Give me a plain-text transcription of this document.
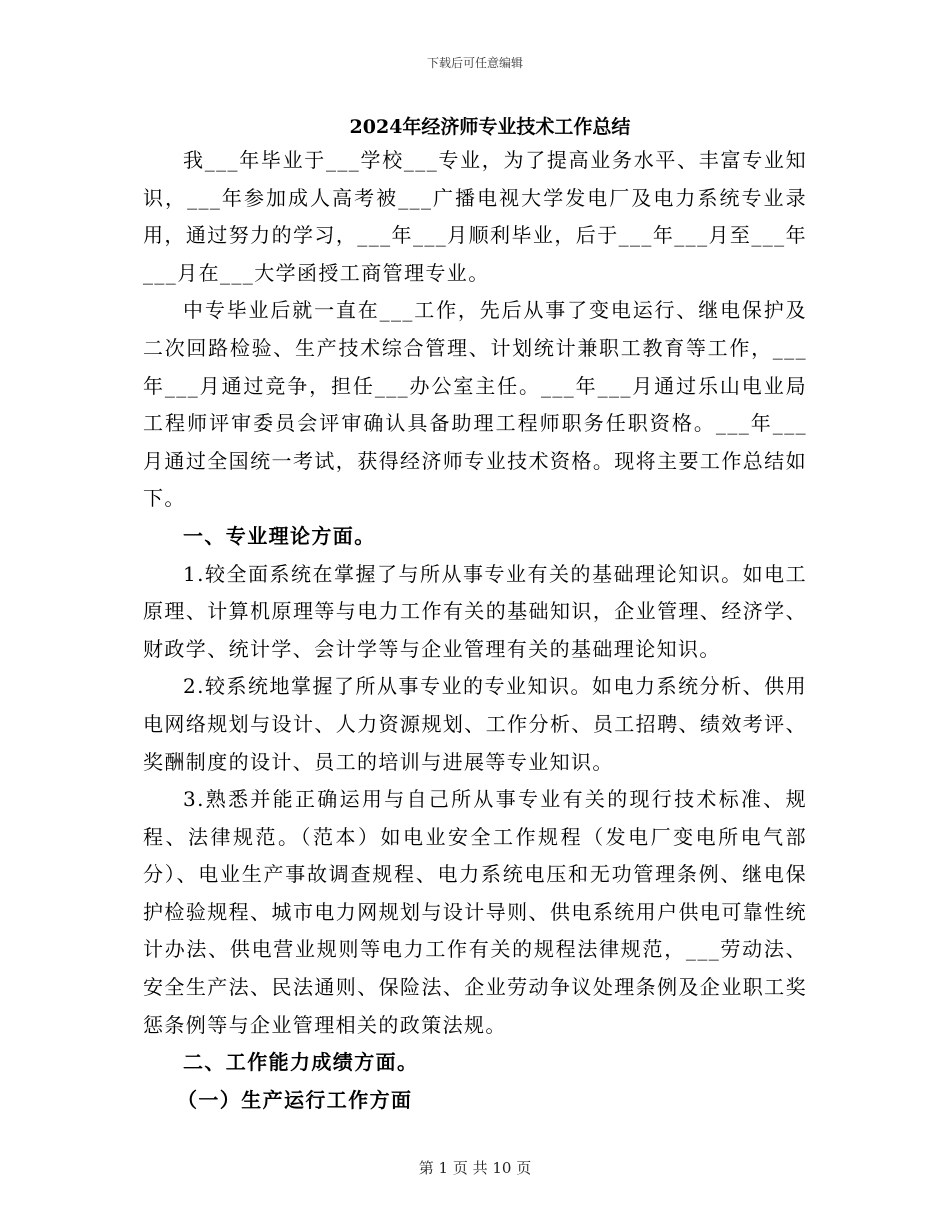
下载后可任意编辑
2024年经济师专业技术工作总结

我___年毕业于___学校___专业，为了提高业务水平、丰富专业知识，___年参加成人高考被___广播电视大学发电厂及电力系统专业录用，通过努力的学习，___年___月顺利毕业，后于___年___月至___年___月在___大学函授工商管理专业。

中专毕业后就一直在___工作，先后从事了变电运行、继电保护及二次回路检验、生产技术综合管理、计划统计兼职工教育等工作，___年___月通过竞争，担任___办公室主任。___年___月通过乐山电业局工程师评审委员会评审确认具备助理工程师职务任职资格。___年___月通过全国统一考试，获得经济师专业技术资格。现将主要工作总结如下。

一、专业理论方面。

1.较全面系统在掌握了与所从事专业有关的基础理论知识。如电工原理、计算机原理等与电力工作有关的基础知识，企业管理、经济学、财政学、统计学、会计学等与企业管理有关的基础理论知识。

2.较系统地掌握了所从事专业的专业知识。如电力系统分析、供用电网络规划与设计、人力资源规划、工作分析、员工招聘、绩效考评、奖酬制度的设计、员工的培训与进展等专业知识。

3.熟悉并能正确运用与自己所从事专业有关的现行技术标准、规程、法律规范。（范本）如电业安全工作规程（发电厂变电所电气部分）、电业生产事故调查规程、电力系统电压和无功管理条例、继电保护检验规程、城市电力网规划与设计导则、供电系统用户供电可靠性统计办法、供电营业规则等电力工作有关的规程法律规范，___劳动法、安全生产法、民法通则、保险法、企业劳动争议处理条例及企业职工奖惩条例等与企业管理相关的政策法规。

二、工作能力成绩方面。

（一）生产运行工作方面

第 1 页 共 10 页
